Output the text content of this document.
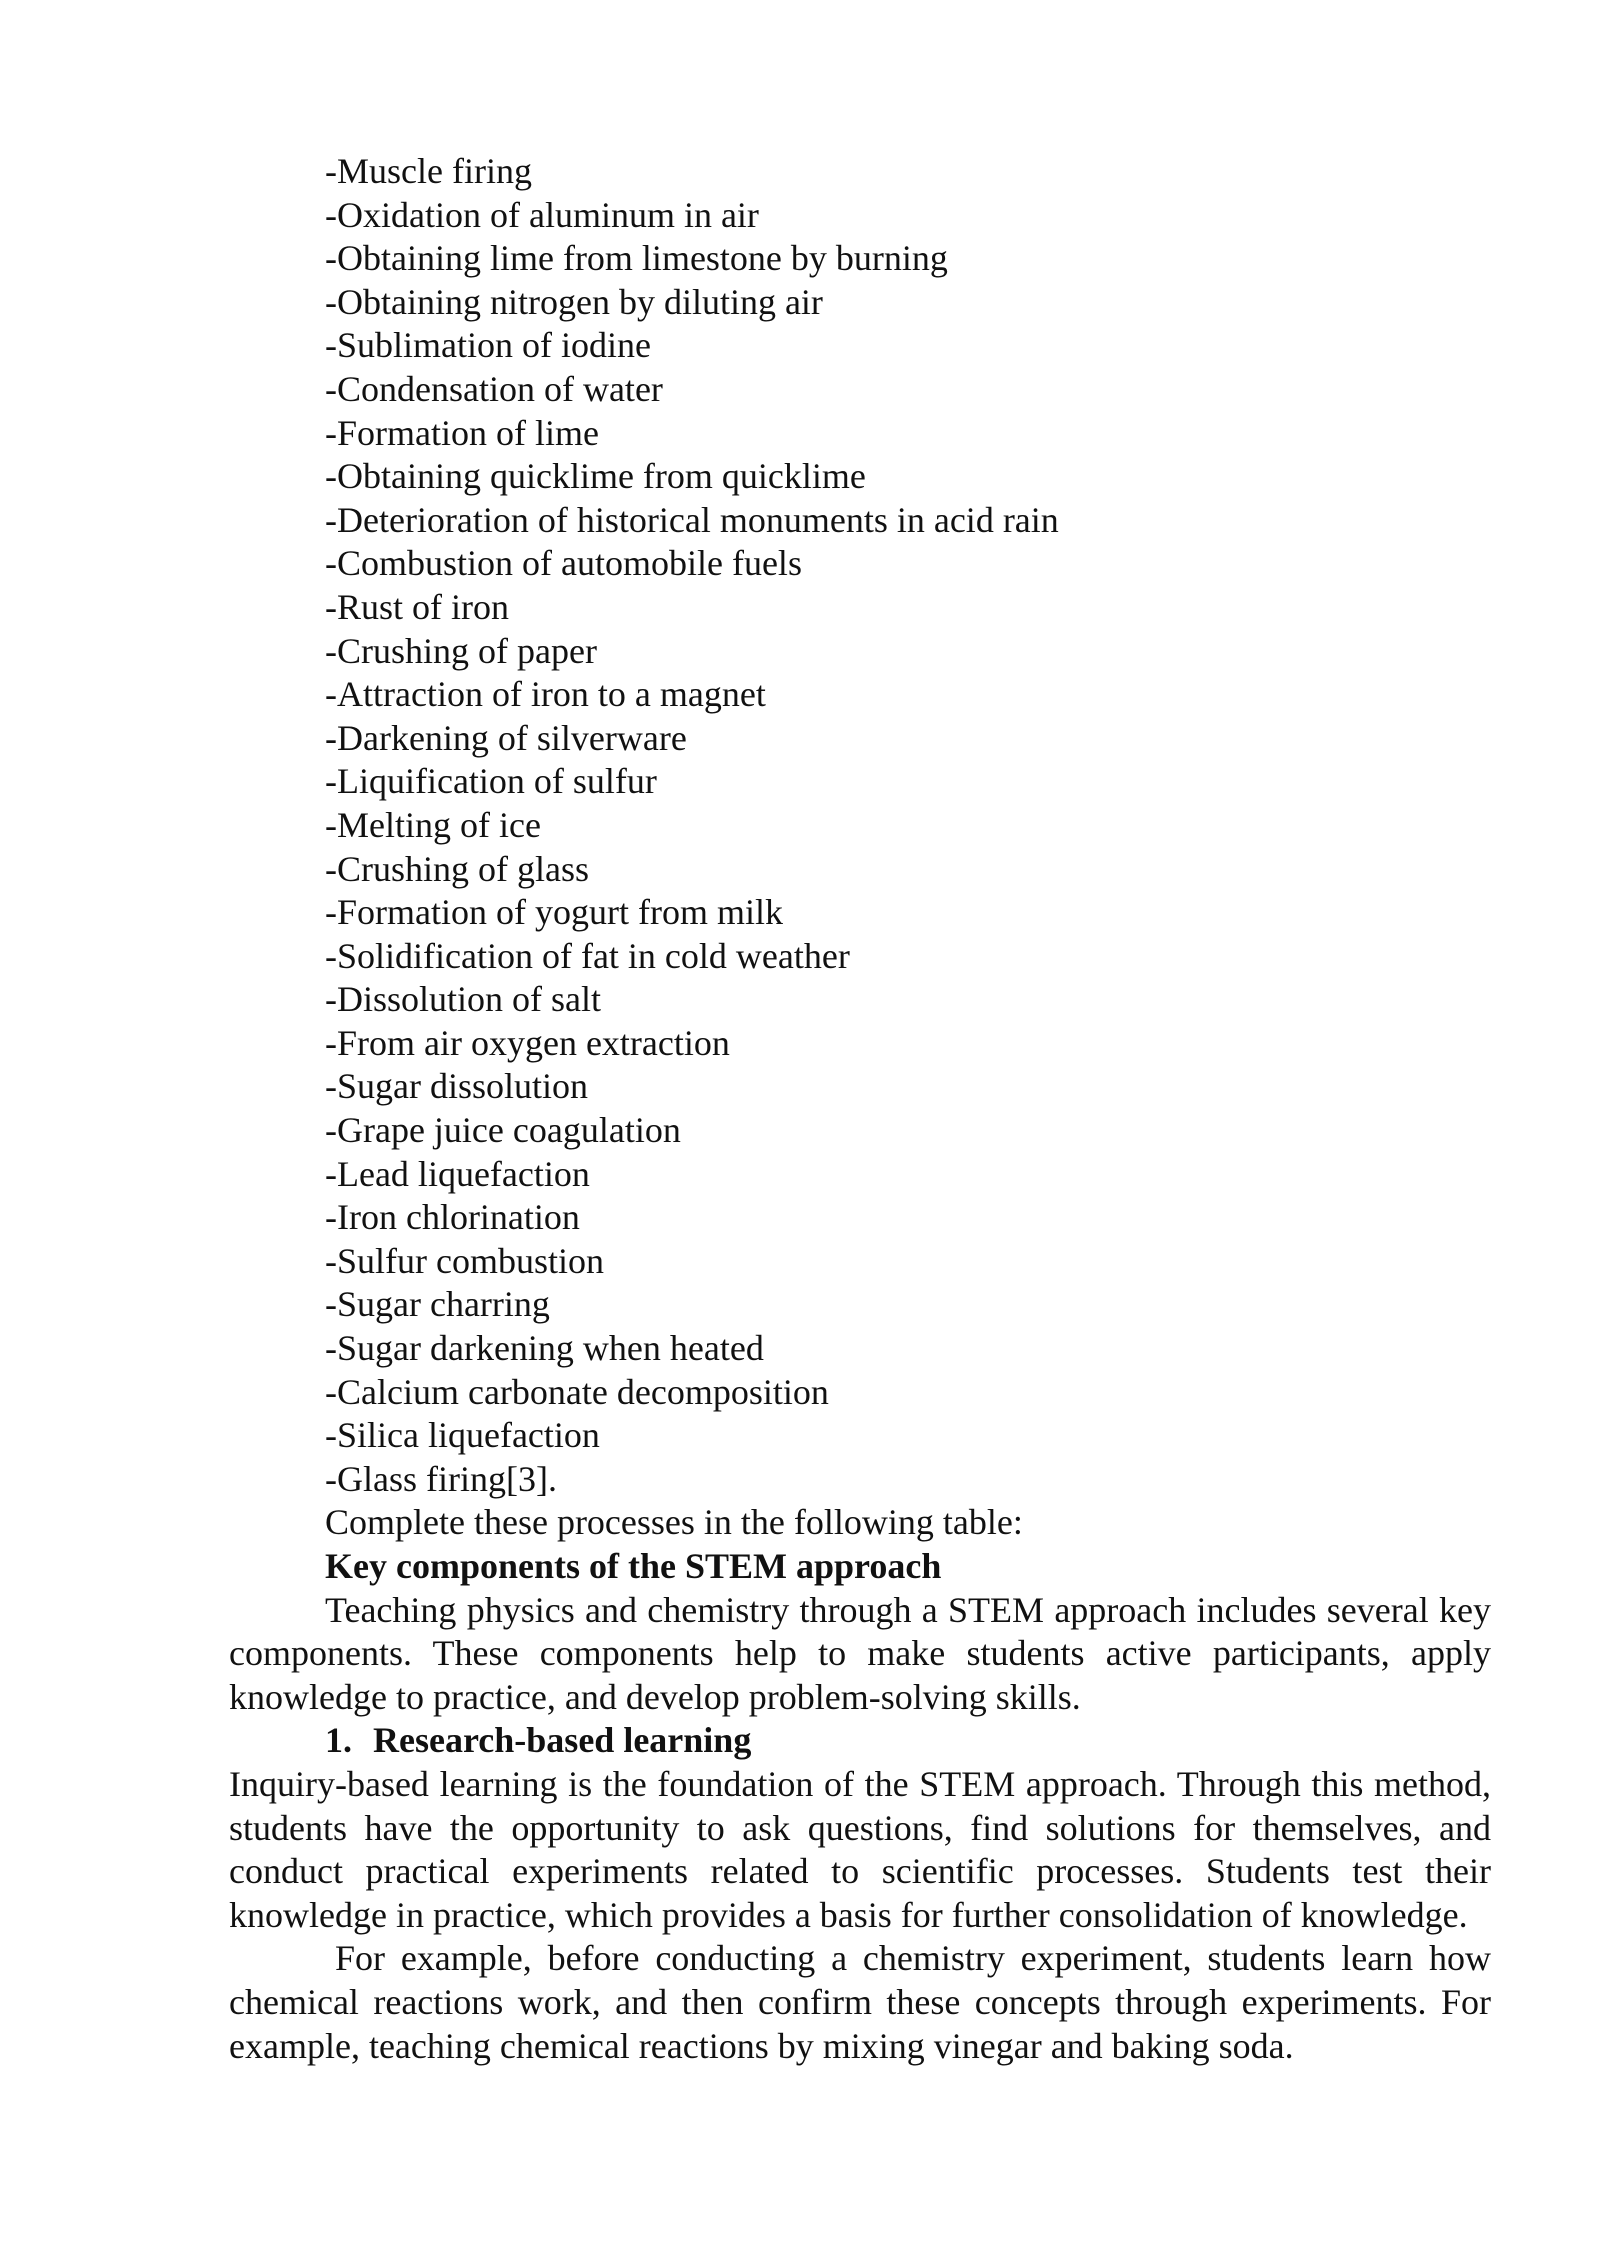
-Muscle firing
-Oxidation of aluminum in air
-Obtaining lime from limestone by burning
-Obtaining nitrogen by diluting air
-Sublimation of iodine
-Condensation of water
-Formation of lime
-Obtaining quicklime from quicklime
-Deterioration of historical monuments in acid rain
-Combustion of automobile fuels
-Rust of iron
-Crushing of paper
-Attraction of iron to a magnet
-Darkening of silverware
-Liquification of sulfur
-Melting of ice
-Crushing of glass
-Formation of yogurt from milk
-Solidification of fat in cold weather
-Dissolution of salt
-From air oxygen extraction
-Sugar dissolution
-Grape juice coagulation
-Lead liquefaction
-Iron chlorination
-Sulfur combustion
-Sugar charring
-Sugar darkening when heated
-Calcium carbonate decomposition
-Silica liquefaction
-Glass firing[3].
Complete these processes in the following table:
Key components of the STEM approach
Teaching physics and chemistry through a STEM approach includes several key components. These components help to make students active participants, apply knowledge to practice, and develop problem-solving skills.
1. Research-based learning
Inquiry-based learning is the foundation of the STEM approach. Through this method, students have the opportunity to ask questions, find solutions for themselves, and conduct practical experiments related to scientific processes. Students test their knowledge in practice, which provides a basis for further consolidation of knowledge.
For example, before conducting a chemistry experiment, students learn how chemical reactions work, and then confirm these concepts through experiments. For example, teaching chemical reactions by mixing vinegar and baking soda.
